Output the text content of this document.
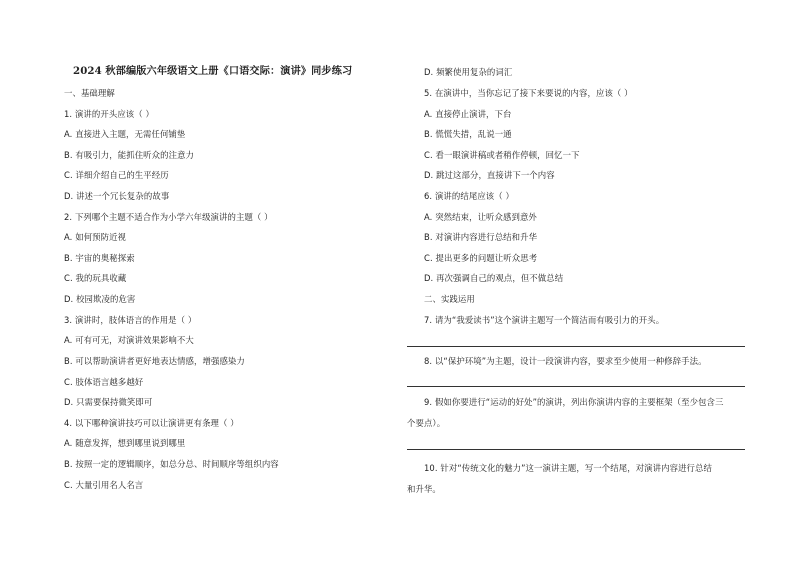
2024 秋部编版六年级语文上册《口语交际：演讲》同步练习
一、基础理解
1. 演讲的开头应该（ ）
A. 直接进入主题，无需任何铺垫
B. 有吸引力，能抓住听众的注意力
C. 详细介绍自己的生平经历
D. 讲述一个冗长复杂的故事
2. 下列哪个主题不适合作为小学六年级演讲的主题（ ）
A. 如何预防近视
B. 宇宙的奥秘探索
C. 我的玩具收藏
D. 校园欺凌的危害
3. 演讲时，肢体语言的作用是（ ）
A. 可有可无，对演讲效果影响不大
B. 可以帮助演讲者更好地表达情感，增强感染力
C. 肢体语言越多越好
D. 只需要保持微笑即可
4. 以下哪种演讲技巧可以让演讲更有条理（ ）
A. 随意发挥，想到哪里说到哪里
B. 按照一定的逻辑顺序，如总分总、时间顺序等组织内容
C. 大量引用名人名言
D. 频繁使用复杂的词汇
5. 在演讲中，当你忘记了接下来要说的内容，应该（ ）
A. 直接停止演讲，下台
B. 慌慌失措，乱说一通
C. 看一眼演讲稿或者稍作停顿，回忆一下
D. 跳过这部分，直接讲下一个内容
6. 演讲的结尾应该（ ）
A. 突然结束，让听众感到意外
B. 对演讲内容进行总结和升华
C. 提出更多的问题让听众思考
D. 再次强调自己的观点，但不做总结
二、实践运用
7. 请为“我爱读书”这个演讲主题写一个简洁而有吸引力的开头。
8. 以“保护环境”为主题，设计一段演讲内容，要求至少使用一种修辞手法。
9. 假如你要进行“运动的好处”的演讲，列出你演讲内容的主要框架（至少包含三
个要点）。
10. 针对“传统文化的魅力”这一演讲主题，写一个结尾，对演讲内容进行总结
和升华。
